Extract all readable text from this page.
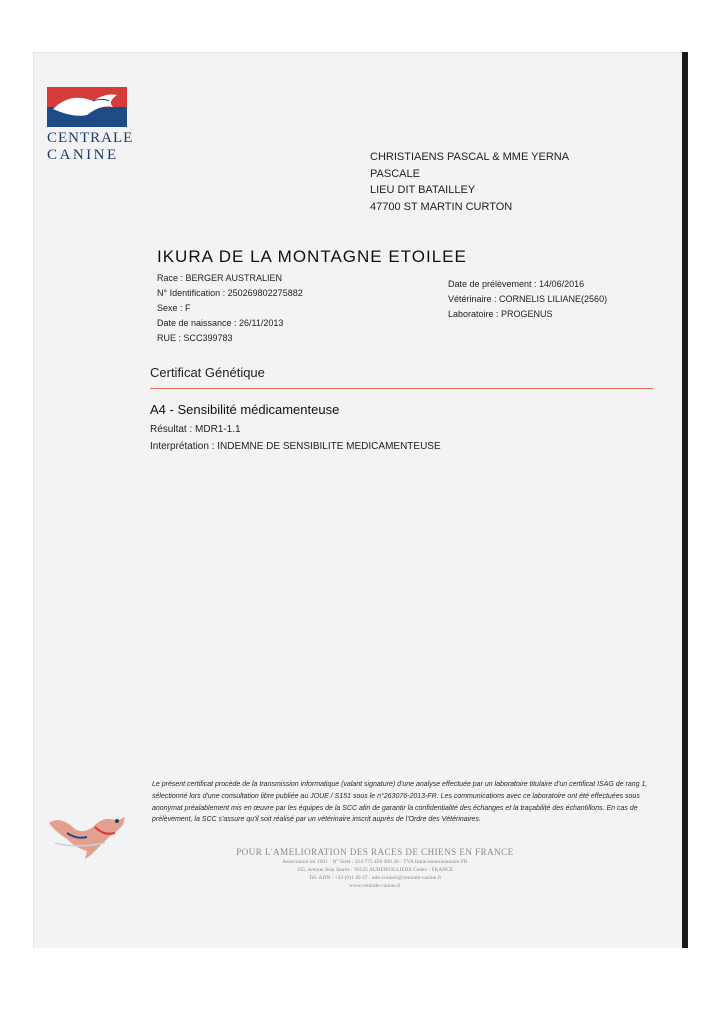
CENTRALE
CANINE	CHRISTIAENS PASCAL & MME YERNA
PASCALE
LIEU DIT BATAILLEY
47700 ST MARTIN CURTON
IKURA DE LA MONTAGNE ETOILEE
Race : BERGER AUSTRALIEN
N° Identification : 250269802275882
Sexe : F
Date de naissance : 26/11/2013
RUE : SCC399783
Date de prélèvement : 14/06/2016
Vétérinaire : CORNELIS LILIANE(2560)
Laboratoire : PROGENUS
Certificat Génétique
A4 - Sensibilité médicamenteuse
Résultat : MDR1-1.1
Interprétation : INDEMNE DE SENSIBILITE MEDICAMENTEUSE
Le présent certificat procède de la transmission informatique (valant signature) d'une analyse effectuée par un laboratoire titulaire d'un certificat ISAG de rang 1, sélectionné lors d'une consultation libre publiée au JOUE / S151 sous le n°263076-2013-FR. Les communications avec ce laboratoire ont été effectuées sous anonymat préalablement mis en œuvre par les équipes de la SCC afin de garantir la confidentialité des échanges et la traçabilité des échantillons. En cas de prélèvement, la SCC s'assure qu'il soit réalisé par un vétérinaire inscrit auprès de l'Ordre des Vétérinaires.
POUR L'AMELIORATION DES RACES DE CHIENS EN FRANCE
Association loi 1901 · N° Siret : 314 775 450 000 26 · TVA Intracommunautaire FR
155, avenue Jean Jaurès · 93535 AUBERVILLIERS Cedex · FRANCE
Tél. ADN : +33 (0)1 49 37 · adn-contact@centrale-canine.fr
www.centrale-canine.fr
